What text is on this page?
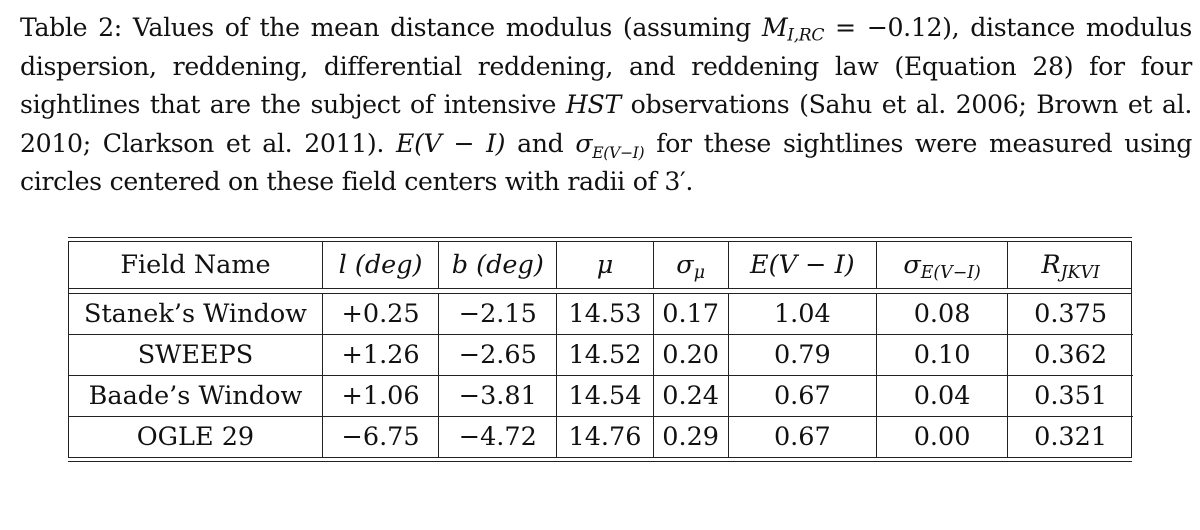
Table 2: Values of the mean distance modulus (assuming $M_{I,RC} = -0.12$), distance modulus dispersion, reddening, differential reddening, and reddening law (Equation 28) for four sightlines that are the subject of intensive HST observations (Sahu et al. 2006; Brown et al. 2010; Clarkson et al. 2011). E(V − I) and $\sigma_{E(V-I)}$ for these sightlines were measured using circles centered on these field centers with radii of 3′.
Field Name	l (deg)	b (deg)	μ	$\sigma_\mu$	E(V − I)	$\sigma_{E(V-I)}$	$R_{JKVI}$
Stanek’s Window	+0.25	−2.15	14.53	0.17	1.04	0.08	0.375
SWEEPS	+1.26	−2.65	14.52	0.20	0.79	0.10	0.362
Baade’s Window	+1.06	−3.81	14.54	0.24	0.67	0.04	0.351
OGLE 29	−6.75	−4.72	14.76	0.29	0.67	0.00	0.321
